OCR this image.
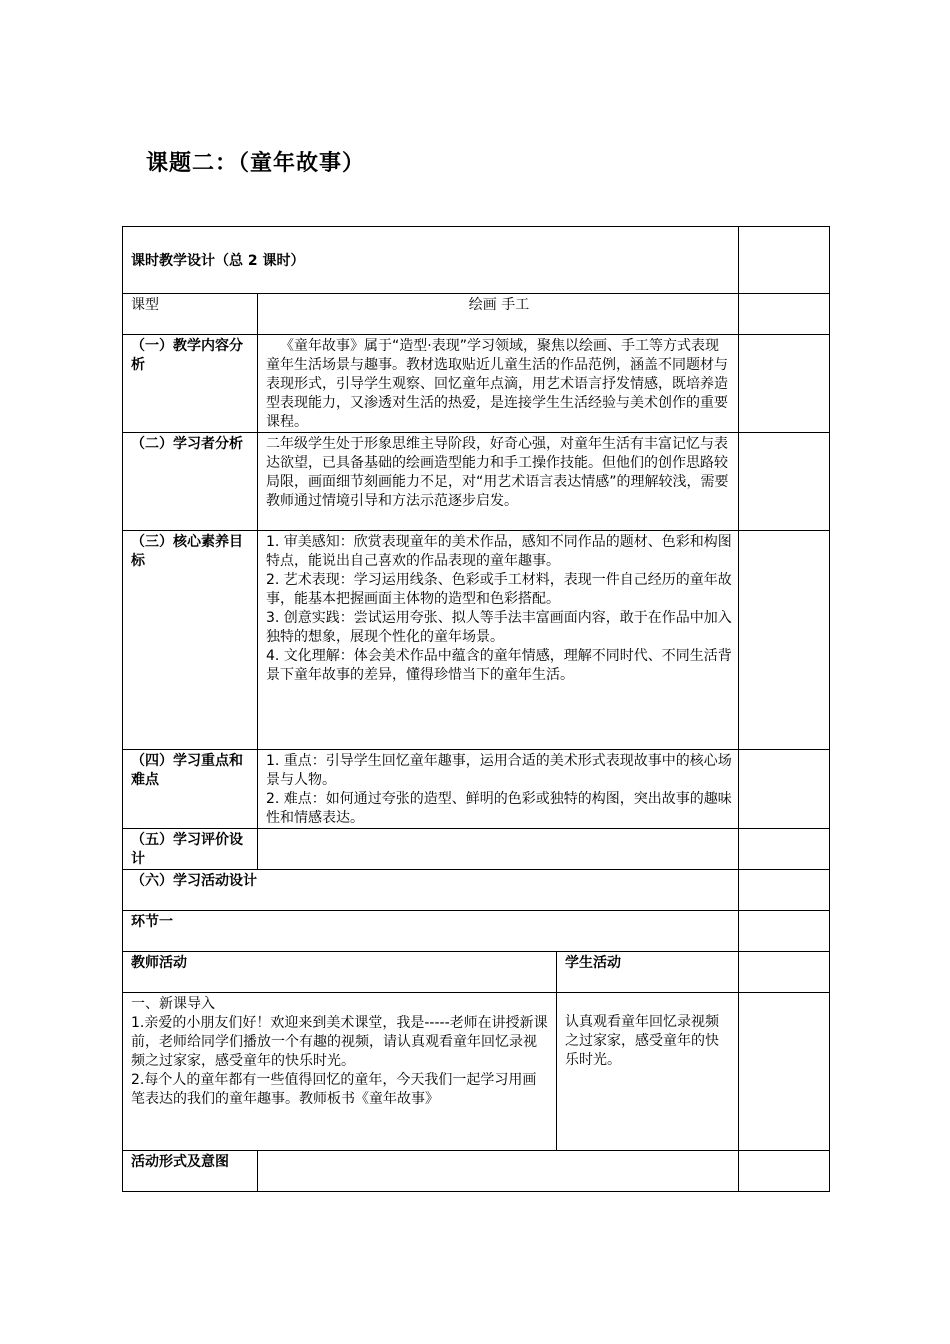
课题二：（童年故事）
课时教学设计（总 2 课时）			
课型	绘画 手工		
（一）教学内容分析	《童年故事》属于“造型·表现”学习领域，聚焦以绘画、手工等方式表现童年生活场景与趣事。教材选取贴近儿童生活的作品范例，涵盖不同题材与表现形式，引导学生观察、回忆童年点滴，用艺术语言抒发情感，既培养造型表现能力，又渗透对生活的热爱，是连接学生生活经验与美术创作的重要课程。		
（二）学习者分析	二年级学生处于形象思维主导阶段，好奇心强，对童年生活有丰富记忆与表达欲望，已具备基础的绘画造型能力和手工操作技能。但他们的创作思路较局限，画面细节刻画能力不足，对“用艺术语言表达情感”的理解较浅，需要教师通过情境引导和方法示范逐步启发。		
（三）核心素养目标	1. 审美感知：欣赏表现童年的美术作品，感知不同作品的题材、色彩和构图特点，能说出自己喜欢的作品表现的童年趣事。

2. 艺术表现：学习运用线条、色彩或手工材料，表现一件自己经历的童年故事，能基本把握画面主体物的造型和色彩搭配。

3. 创意实践：尝试运用夸张、拟人等手法丰富画面内容，敢于在作品中加入独特的想象，展现个性化的童年场景。

4. 文化理解：体会美术作品中蕴含的童年情感，理解不同时代、不同生活背景下童年故事的差异，懂得珍惜当下的童年生活。		

（四）学习重点和难点	1. 重点：引导学生回忆童年趣事，运用合适的美术形式表现故事中的核心场景与人物。

2. 难点：如何通过夸张的造型、鲜明的色彩或独特的构图，突出故事的趣味性和情感表达。		

（五）学习评价设计			
（六）学习活动设计			
环节一			
教师活动		学生活动	

一、新课导入

1.亲爱的小朋友们好！欢迎来到美术课堂，我是-----老师在讲授新课前，老师给同学们播放一个有趣的视频，请认真观看童年回忆录视频之过家家，感受童年的快乐时光。

2.每个人的童年都有一些值得回忆的童年，今天我们一起学习用画笔表达的我们的童年趣事。教师板书《童年故事》		认真观看童年回忆录视频之过家家，感受童年的快乐时光。	
活动形式及意图			
